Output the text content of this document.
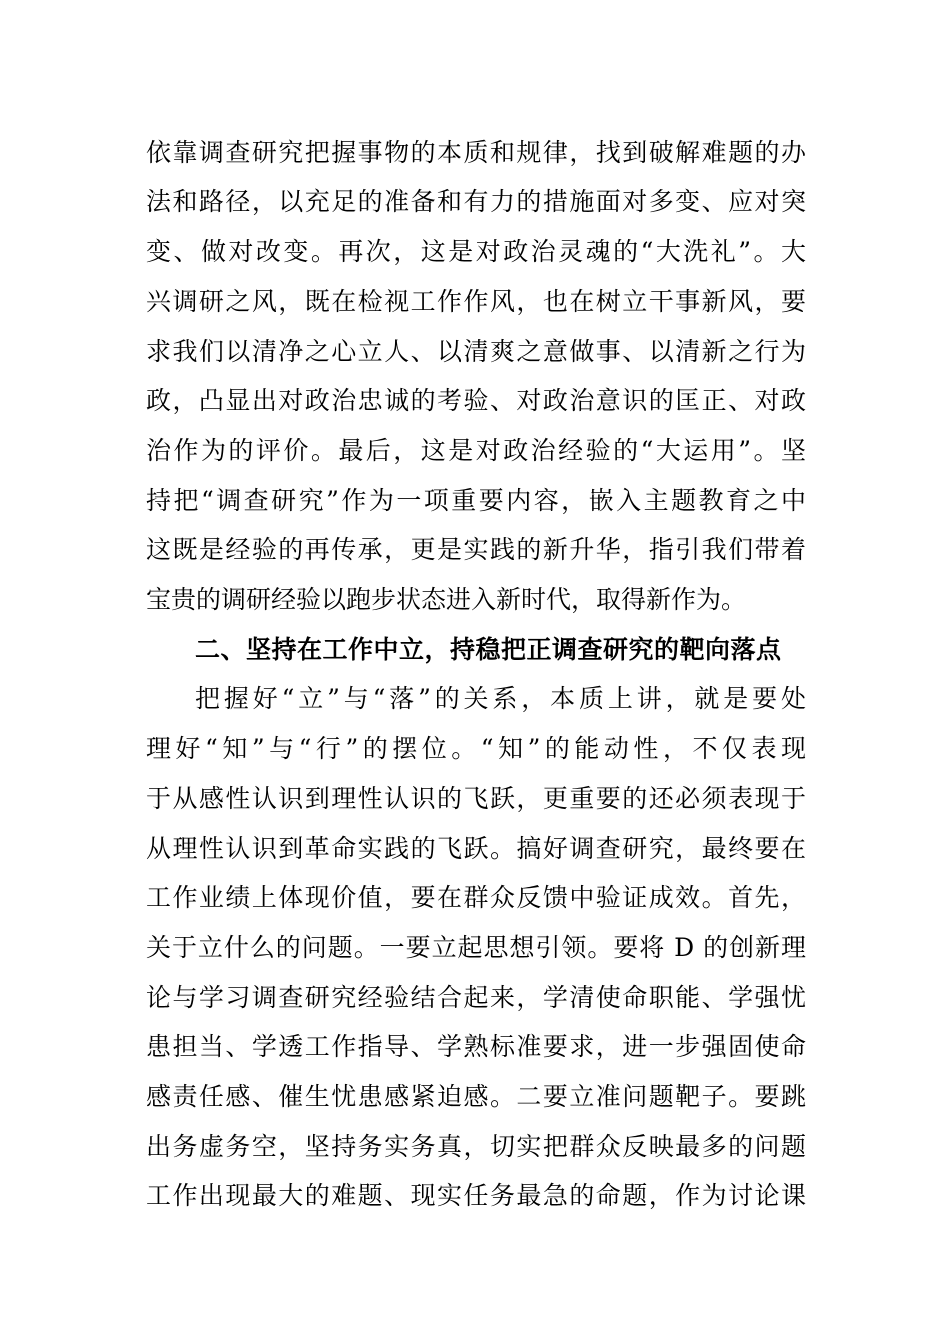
依靠调查研究把握事物的本质和规律，找到破解难题的办
法和路径，以充足的准备和有力的措施面对多变、应对突
变、做对改变。再次，这是对政治灵魂的“大洗礼”。大
兴调研之风，既在检视工作作风，也在树立干事新风，要
求我们以清净之心立人、以清爽之意做事、以清新之行为
政，凸显出对政治忠诚的考验、对政治意识的匡正、对政
治作为的评价。最后，这是对政治经验的“大运用”。坚
持把“调查研究”作为一项重要内容，嵌入主题教育之中
这既是经验的再传承，更是实践的新升华，指引我们带着
宝贵的调研经验以跑步状态进入新时代，取得新作为。
二、坚持在工作中立，持稳把正调查研究的靶向落点
把握好“立”与“落”的关系，本质上讲，就是要处
理好“知”与“行”的摆位。“知”的能动性，不仅表现
于从感性认识到理性认识的飞跃，更重要的还必须表现于
从理性认识到革命实践的飞跃。搞好调查研究，最终要在
工作业绩上体现价值，要在群众反馈中验证成效。首先，
关于立什么的问题。一要立起思想引领。要将 D 的创新理
论与学习调查研究经验结合起来，学清使命职能、学强忧
患担当、学透工作指导、学熟标准要求，进一步强固使命
感责任感、催生忧患感紧迫感。二要立准问题靶子。要跳
出务虚务空，坚持务实务真，切实把群众反映最多的问题
工作出现最大的难题、现实任务最急的命题，作为讨论课
